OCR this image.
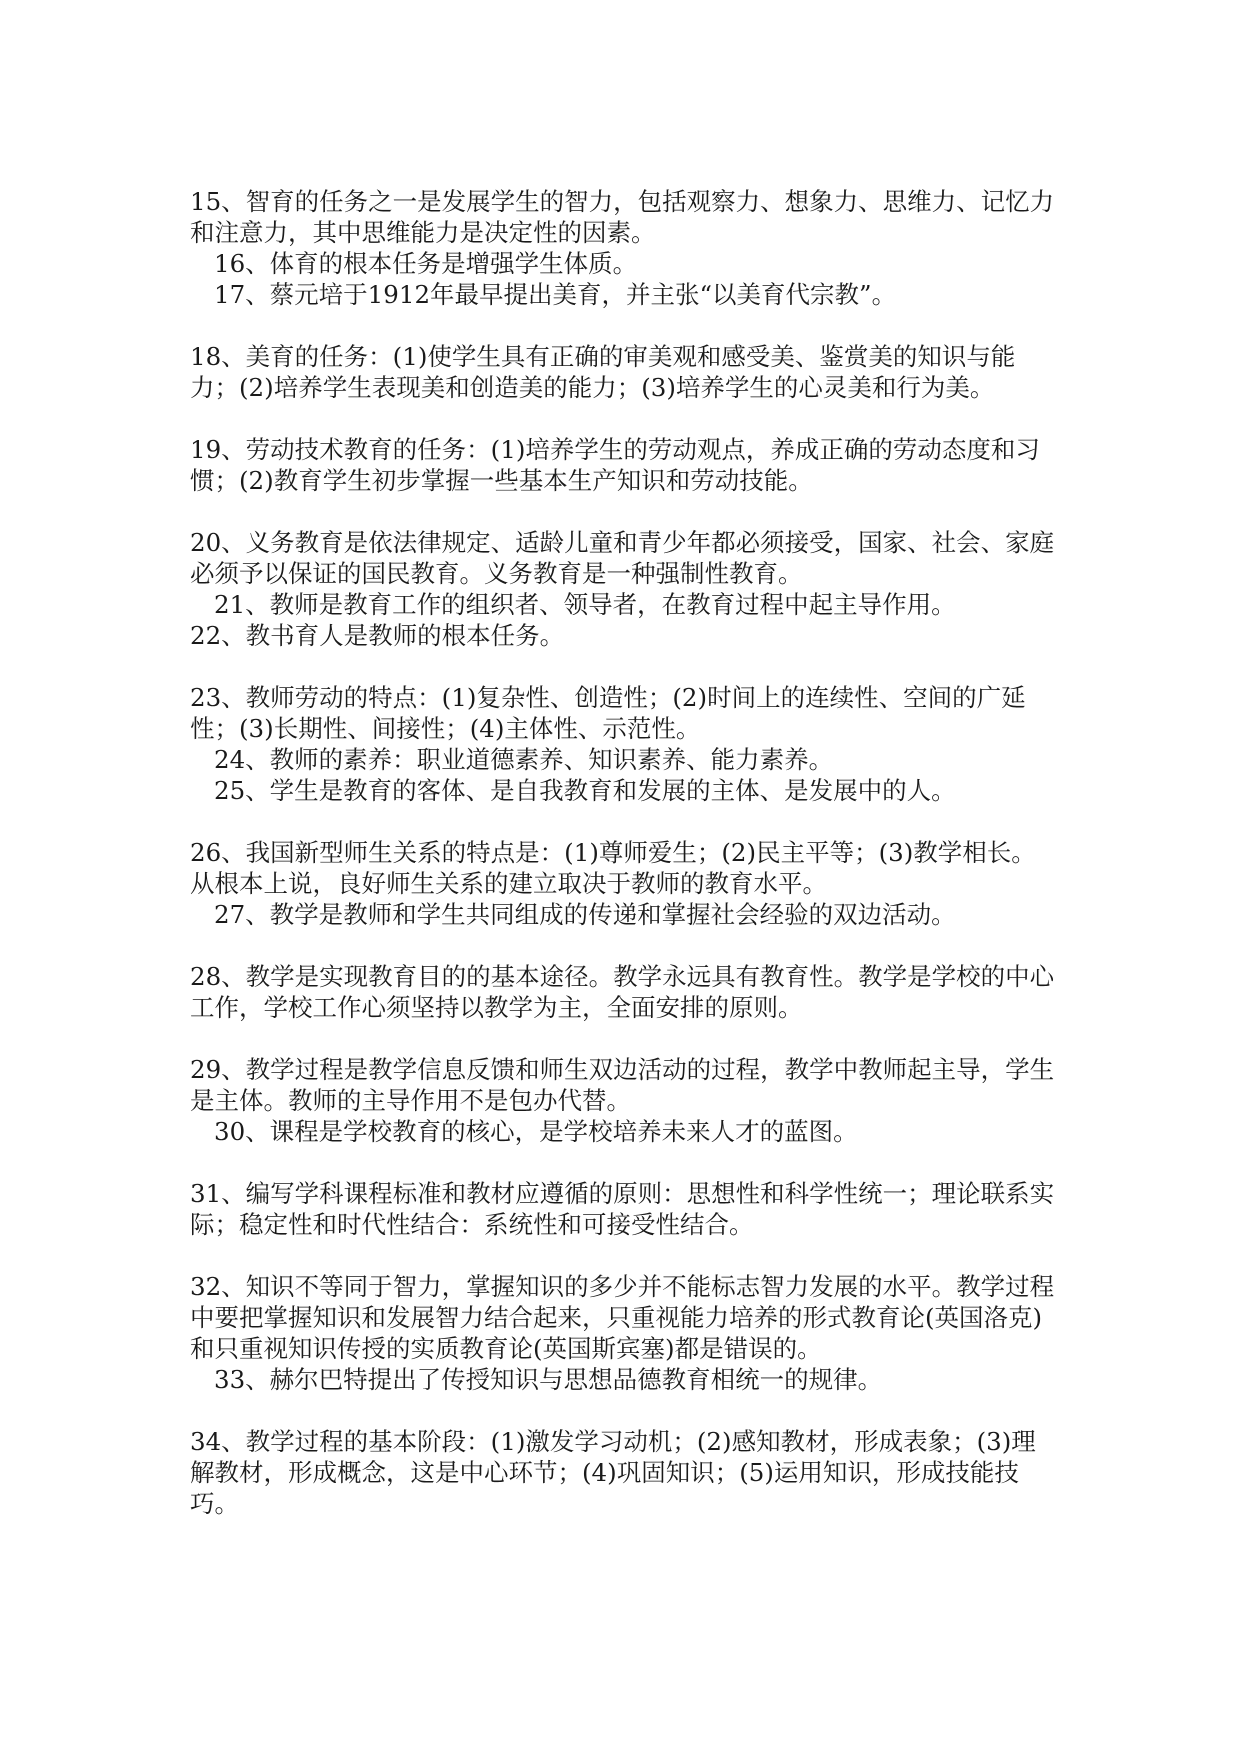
15、智育的任务之一是发展学生的智力，包括观察力、想象力、思维力、记忆力和注意力，其中思维能力是决定性的因素。

16、体育的根本任务是增强学生体质。

17、蔡元培于1912年最早提出美育，并主张“以美育代宗教”。

18、美育的任务：(1)使学生具有正确的审美观和感受美、鉴赏美的知识与能力；(2)培养学生表现美和创造美的能力；(3)培养学生的心灵美和行为美。

19、劳动技术教育的任务：(1)培养学生的劳动观点，养成正确的劳动态度和习惯；(2)教育学生初步掌握一些基本生产知识和劳动技能。

20、义务教育是依法律规定、适龄儿童和青少年都必须接受，国家、社会、家庭必须予以保证的国民教育。义务教育是一种强制性教育。

21、教师是教育工作的组织者、领导者，在教育过程中起主导作用。

22、教书育人是教师的根本任务。

23、教师劳动的特点：(1)复杂性、创造性；(2)时间上的连续性、空间的广延性；(3)长期性、间接性；(4)主体性、示范性。

24、教师的素养：职业道德素养、知识素养、能力素养。

25、学生是教育的客体、是自我教育和发展的主体、是发展中的人。

26、我国新型师生关系的特点是：(1)尊师爱生；(2)民主平等；(3)教学相长。从根本上说，良好师生关系的建立取决于教师的教育水平。

27、教学是教师和学生共同组成的传递和掌握社会经验的双边活动。

28、教学是实现教育目的的基本途径。教学永远具有教育性。教学是学校的中心工作，学校工作心须坚持以教学为主，全面安排的原则。

29、教学过程是教学信息反馈和师生双边活动的过程，教学中教师起主导，学生是主体。教师的主导作用不是包办代替。

30、课程是学校教育的核心，是学校培养未来人才的蓝图。

31、编写学科课程标准和教材应遵循的原则：思想性和科学性统一；理论联系实际；稳定性和时代性结合：系统性和可接受性结合。

32、知识不等同于智力，掌握知识的多少并不能标志智力发展的水平。教学过程中要把掌握知识和发展智力结合起来，只重视能力培养的形式教育论(英国洛克)和只重视知识传授的实质教育论(英国斯宾塞)都是错误的。

33、赫尔巴特提出了传授知识与思想品德教育相统一的规律。

34、教学过程的基本阶段：(1)激发学习动机；(2)感知教材，形成表象；(3)理解教材，形成概念，这是中心环节；(4)巩固知识；(5)运用知识，形成技能技巧。
